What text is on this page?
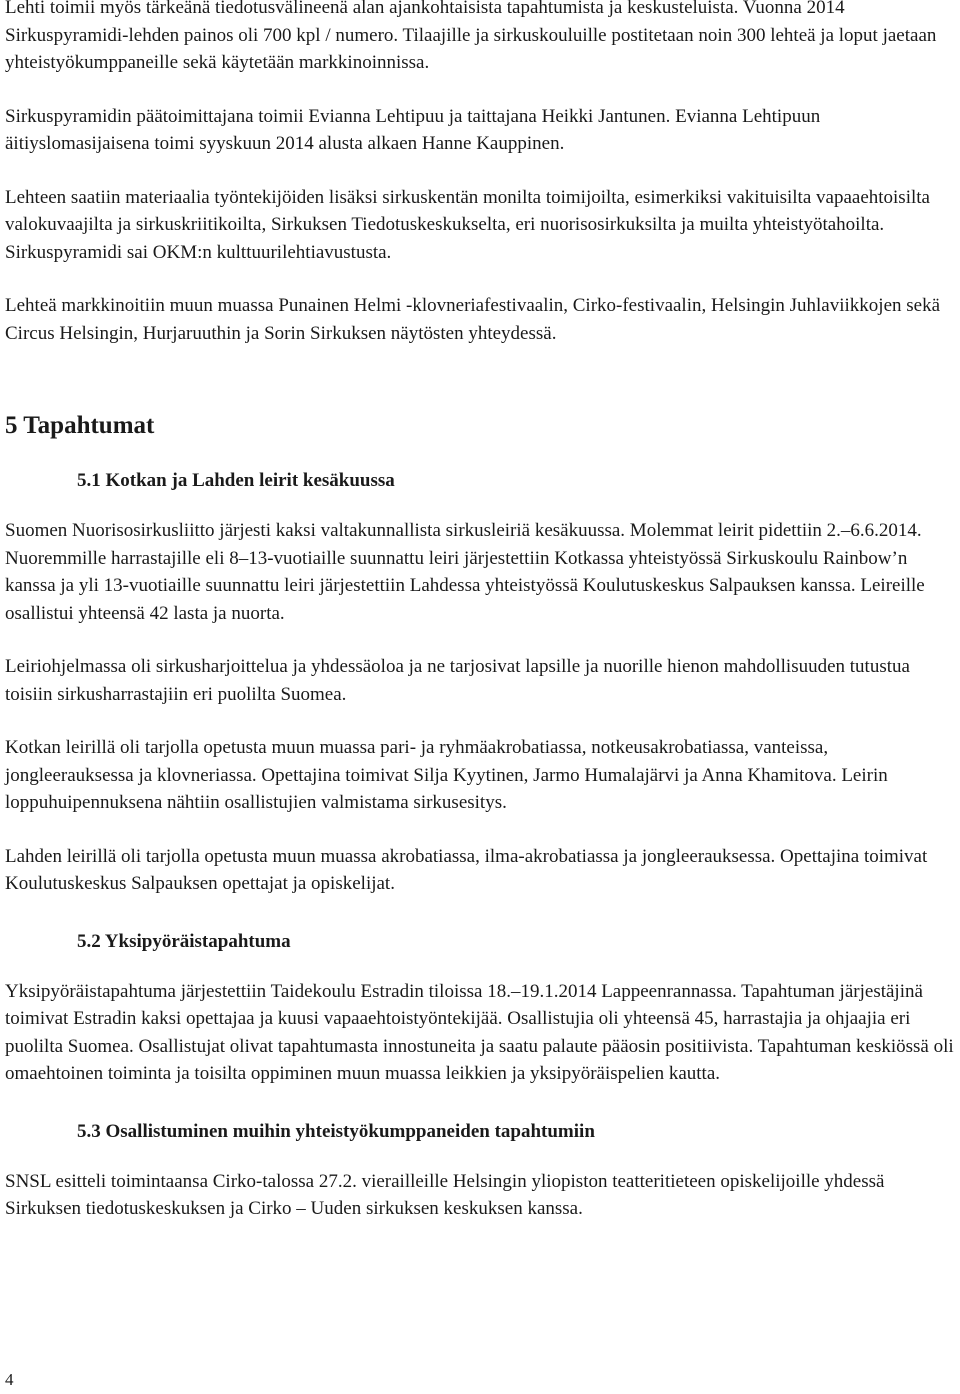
Lehti toimii myös tärkeänä tiedotusvälineenä alan ajankohtaisista tapahtumista ja keskusteluista. Vuonna 2014 Sirkuspyramidi-lehden painos oli 700 kpl / numero. Tilaajille ja sirkuskouluille postitetaan noin 300 lehteä ja loput jaetaan yhteistyökumppaneille sekä käytetään markkinoinnissa.

Sirkuspyramidin päätoimittajana toimii Evianna Lehtipuu ja taittajana Heikki Jantunen. Evianna Lehtipuun äitiyslomasijaisena toimi syyskuun 2014 alusta alkaen Hanne Kauppinen.

Lehteen saatiin materiaalia työntekijöiden lisäksi sirkuskentän monilta toimijoilta, esimerkiksi vakituisilta vapaaehtoisilta valokuvaajilta ja sirkuskriitikoilta, Sirkuksen Tiedotuskeskukselta, eri nuorisosirkuksilta ja muilta yhteistyötahoilta. Sirkuspyramidi sai OKM:n kulttuurilehtiavustusta.

Lehteä markkinoitiin muun muassa Punainen Helmi -klovneriafestivaalin, Cirko-festivaalin, Helsingin Juhlaviikkojen sekä Circus Helsingin, Hurjaruuthin ja Sorin Sirkuksen näytösten yhteydessä.

5 Tapahtumat
5.1 Kotkan ja Lahden leirit kesäkuussa

Suomen Nuorisosirkusliitto järjesti kaksi valtakunnallista sirkusleiriä kesäkuussa. Molemmat leirit pidettiin 2.–6.6.2014. Nuoremmille harrastajille eli 8–13-vuotiaille suunnattu leiri järjestettiin Kotkassa yhteistyössä Sirkuskoulu Rainbow’n kanssa ja yli 13-vuotiaille suunnattu leiri järjestettiin Lahdessa yhteistyössä Koulutuskeskus Salpauksen kanssa. Leireille osallistui yhteensä 42 lasta ja nuorta.

Leiriohjelmassa oli sirkusharjoittelua ja yhdessäoloa ja ne tarjosivat lapsille ja nuorille hienon mahdollisuuden tutustua toisiin sirkusharrastajiin eri puolilta Suomea.

Kotkan leirillä oli tarjolla opetusta muun muassa pari- ja ryhmäakrobatiassa, notkeusakrobatiassa, vanteissa, jongleerauksessa ja klovneriassa. Opettajina toimivat Silja Kyytinen, Jarmo Humalajärvi ja Anna Khamitova. Leirin loppuhuipennuksena nähtiin osallistujien valmistama sirkusesitys.

Lahden leirillä oli tarjolla opetusta muun muassa akrobatiassa, ilma-akrobatiassa ja jongleerauksessa. Opettajina toimivat Koulutuskeskus Salpauksen opettajat ja opiskelijat.

5.2 Yksipyöräistapahtuma

Yksipyöräistapahtuma järjestettiin Taidekoulu Estradin tiloissa 18.–19.1.2014 Lappeenrannassa. Tapahtuman järjestäjinä toimivat Estradin kaksi opettajaa ja kuusi vapaaehtoistyöntekijää. Osallistujia oli yhteensä 45, harrastajia ja ohjaajia eri puolilta Suomea. Osallistujat olivat tapahtumasta innostuneita ja saatu palaute pääosin positiivista. Tapahtuman keskiössä oli omaehtoinen toiminta ja toisilta oppiminen muun muassa leikkien ja yksipyöräispelien kautta.

5.3 Osallistuminen muihin yhteistyökumppaneiden tapahtumiin

SNSL esitteli toimintaansa Cirko-talossa 27.2. vierailleille Helsingin yliopiston teatteritieteen opiskelijoille yhdessä Sirkuksen tiedotuskeskuksen ja Cirko – Uuden sirkuksen keskuksen kanssa.

4
